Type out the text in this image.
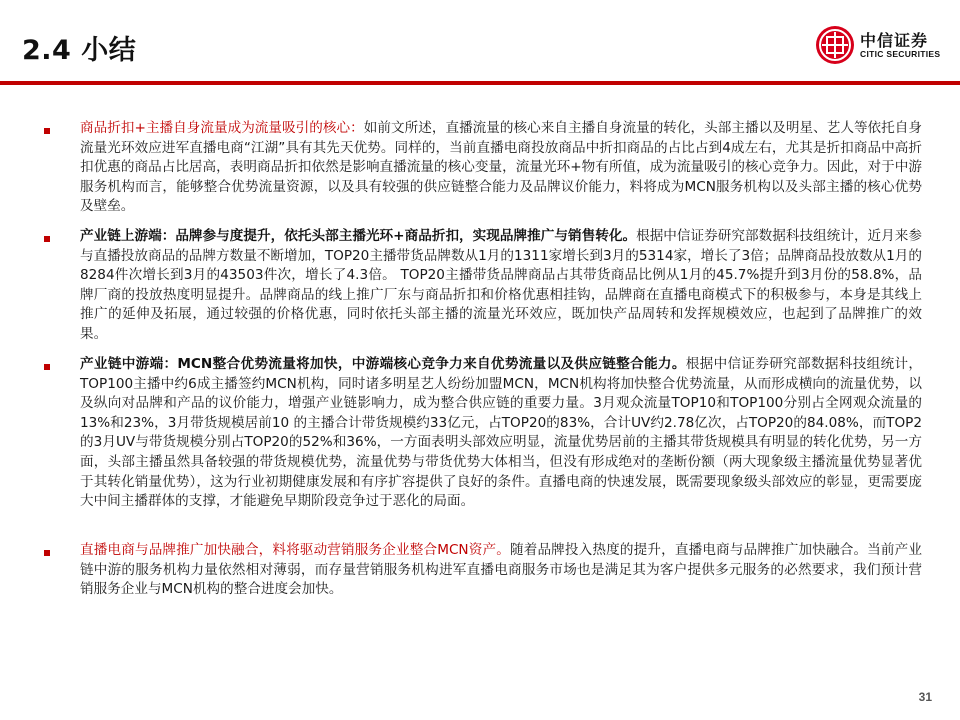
2.4 小结	中信证券
CITIC SECURITIES

商品折扣+主播自身流量成为流量吸引的核心：如前文所述，直播流量的核心来自主播自身流量的转化，头部主播以及明星、艺人等依托自身流量光环效应进军直播电商“江湖”具有其先天优势。同样的，当前直播电商投放商品中折扣商品的占比占到4成左右，尤其是折扣商品中高折扣优惠的商品占比居高，表明商品折扣依然是影响直播流量的核心变量，流量光环+物有所值，成为流量吸引的核心竞争力。因此，对于中游服务机构而言，能够整合优势流量资源，以及具有较强的供应链整合能力及品牌议价能力，料将成为MCN服务机构以及头部主播的核心优势及壁垒。

产业链上游端：品牌参与度提升，依托头部主播光环+商品折扣，实现品牌推广与销售转化。根据中信证券研究部数据科技组统计，近月来参与直播投放商品的品牌方数量不断增加，TOP20主播带货品牌数从1月的1311家增长到3月的5314家，增长了3倍；品牌商品投放数从1月的8284件次增长到3月的43503件次，增长了4.3倍。 TOP20主播带货品牌商品占其带货商品比例从1月的45.7%提升到3月份的58.8%，品牌厂商的投放热度明显提升。品牌商品的线上推广厂东与商品折扣和价格优惠相挂钩，品牌商在直播电商模式下的积极参与，本身是其线上推广的延伸及拓展，通过较强的价格优惠，同时依托头部主播的流量光环效应，既加快产品周转和发挥规模效应，也起到了品牌推广的效果。

产业链中游端：MCN整合优势流量将加快，中游端核心竞争力来自优势流量以及供应链整合能力。根据中信证券研究部数据科技组统计，TOP100主播中约6成主播签约MCN机构，同时诸多明星艺人纷纷加盟MCN，MCN机构将加快整合优势流量，从而形成横向的流量优势，以及纵向对品牌和产品的议价能力，增强产业链影响力，成为整合供应链的重要力量。3月观众流量TOP10和TOP100分别占全网观众流量的13%和23%，3月带货规模居前10 的主播合计带货规模约33亿元，占TOP20的83%，合计UV约2.78亿次，占TOP20的84.08%，而TOP2 的3月UV与带货规模分别占TOP20的52%和36%，一方面表明头部效应明显，流量优势居前的主播其带货规模具有明显的转化优势，另一方面，头部主播虽然具备较强的带货规模优势，流量优势与带货优势大体相当，但没有形成绝对的垄断份额（两大现象级主播流量优势显著优于其转化销量优势），这为行业初期健康发展和有序扩容提供了良好的条件。直播电商的快速发展，既需要现象级头部效应的彰显，更需要庞大中间主播群体的支撑，才能避免早期阶段竞争过于恶化的局面。

直播电商与品牌推广加快融合，料将驱动营销服务企业整合MCN资产。随着品牌投入热度的提升，直播电商与品牌推广加快融合。当前产业链中游的服务机构力量依然相对薄弱，而存量营销服务机构进军直播电商服务市场也是满足其为客户提供多元服务的必然要求，我们预计营销服务企业与MCN机构的整合进度会加快。

31
